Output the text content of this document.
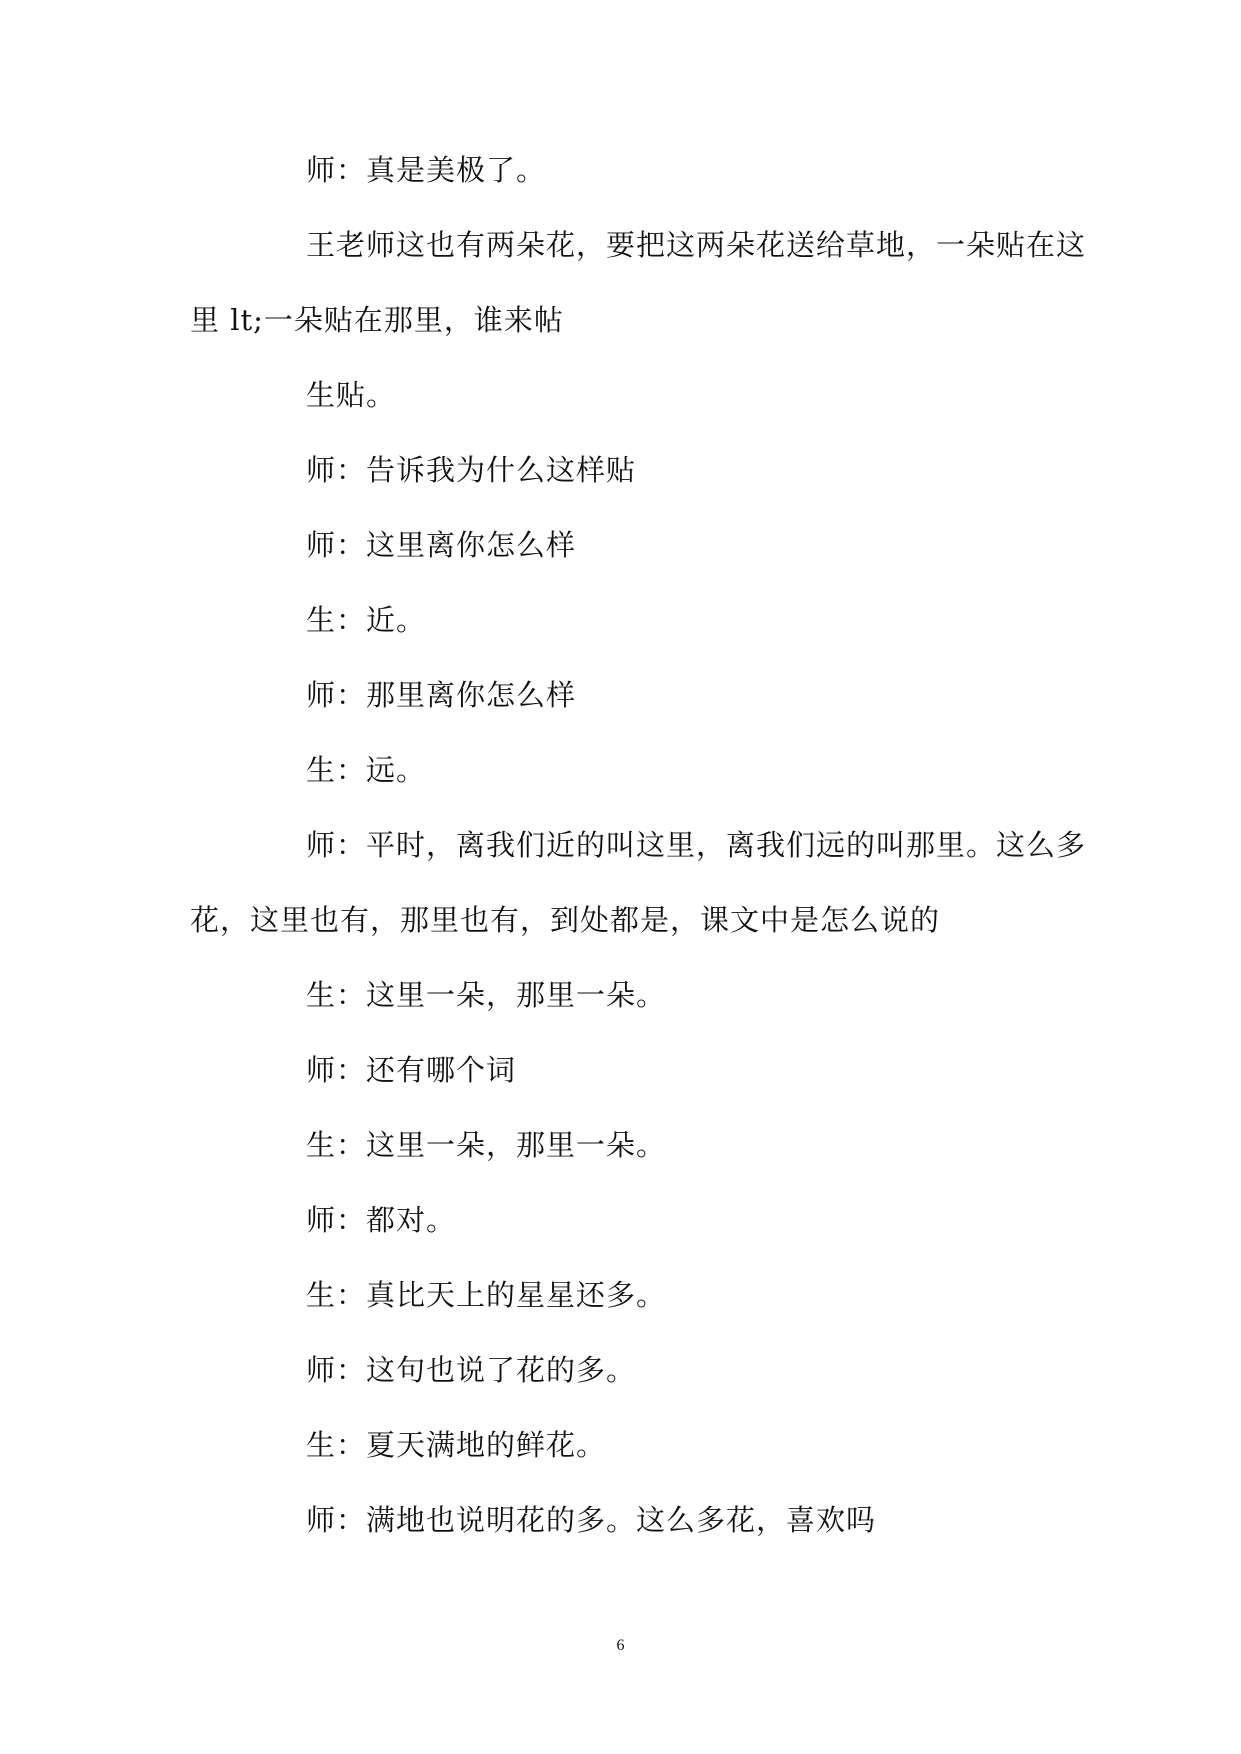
师：真是美极了。
王老师这也有两朵花，要把这两朵花送给草地，一朵贴在这
里 lt;一朵贴在那里，谁来帖
生贴。
师：告诉我为什么这样贴
师：这里离你怎么样
生：近。
师：那里离你怎么样
生：远。
师：平时，离我们近的叫这里，离我们远的叫那里。这么多
花，这里也有，那里也有，到处都是，课文中是怎么说的
生：这里一朵，那里一朵。
师：还有哪个词
生：这里一朵，那里一朵。
师：都对。
生：真比天上的星星还多。
师：这句也说了花的多。
生：夏天满地的鲜花。
师：满地也说明花的多。这么多花，喜欢吗
6
